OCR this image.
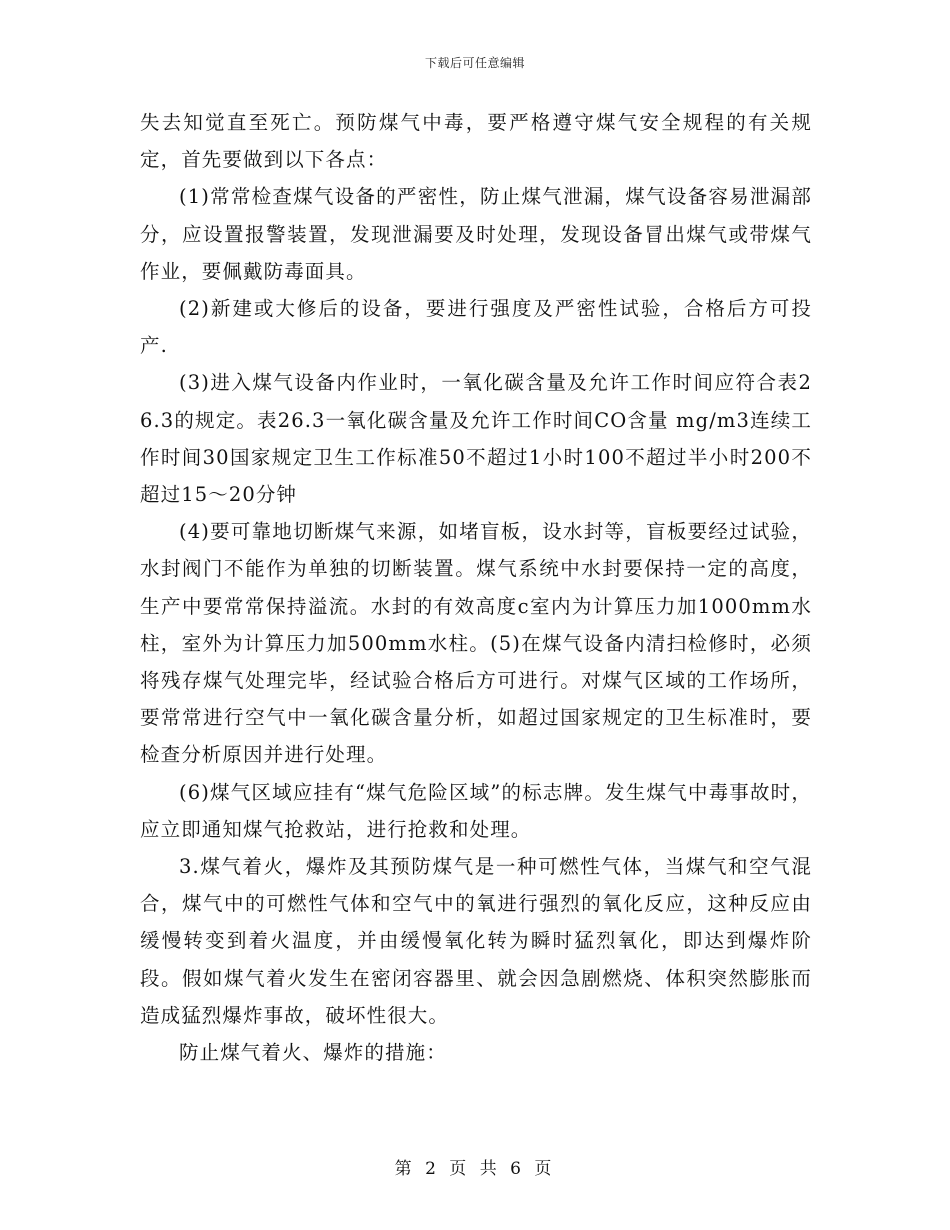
下载后可任意编辑

失去知觉直至死亡。预防煤气中毒，要严格遵守煤气安全规程的有关规定，首先要做到以下各点：

(1)常常检查煤气设备的严密性，防止煤气泄漏，煤气设备容易泄漏部分，应设置报警装置，发现泄漏要及时处理，发现设备冒出煤气或带煤气作业，要佩戴防毒面具。

(2)新建或大修后的设备，要进行强度及严密性试验，合格后方可投产.

(3)进入煤气设备内作业时，一氧化碳含量及允许工作时间应符合表26.3的规定。表26.3一氧化碳含量及允许工作时间CO含量 mg/m3连续工作时间30国家规定卫生工作标准50不超过1小时100不超过半小时200不超过15～20分钟

(4)要可靠地切断煤气来源，如堵盲板，设水封等，盲板要经过试验，水封阀门不能作为单独的切断装置。煤气系统中水封要保持一定的高度，生产中要常常保持溢流。水封的有效高度c室内为计算压力加1000mm水柱，室外为计算压力加500mm水柱。(5)在煤气设备内清扫检修时，必须将残存煤气处理完毕，经试验合格后方可进行。对煤气区域的工作场所，要常常进行空气中一氧化碳含量分析，如超过国家规定的卫生标准时，要检查分析原因并进行处理。

(6)煤气区域应挂有“煤气危险区域”的标志牌。发生煤气中毒事故时，应立即通知煤气抢救站，进行抢救和处理。

3.煤气着火，爆炸及其预防煤气是一种可燃性气体，当煤气和空气混合，煤气中的可燃性气体和空气中的氧进行强烈的氧化反应，这种反应由缓慢转变到着火温度，并由缓慢氧化转为瞬时猛烈氧化，即达到爆炸阶段。假如煤气着火发生在密闭容器里、就会因急剧燃烧、体积突然膨胀而造成猛烈爆炸事故，破坏性很大。

防止煤气着火、爆炸的措施：

第 2 页 共 6 页
